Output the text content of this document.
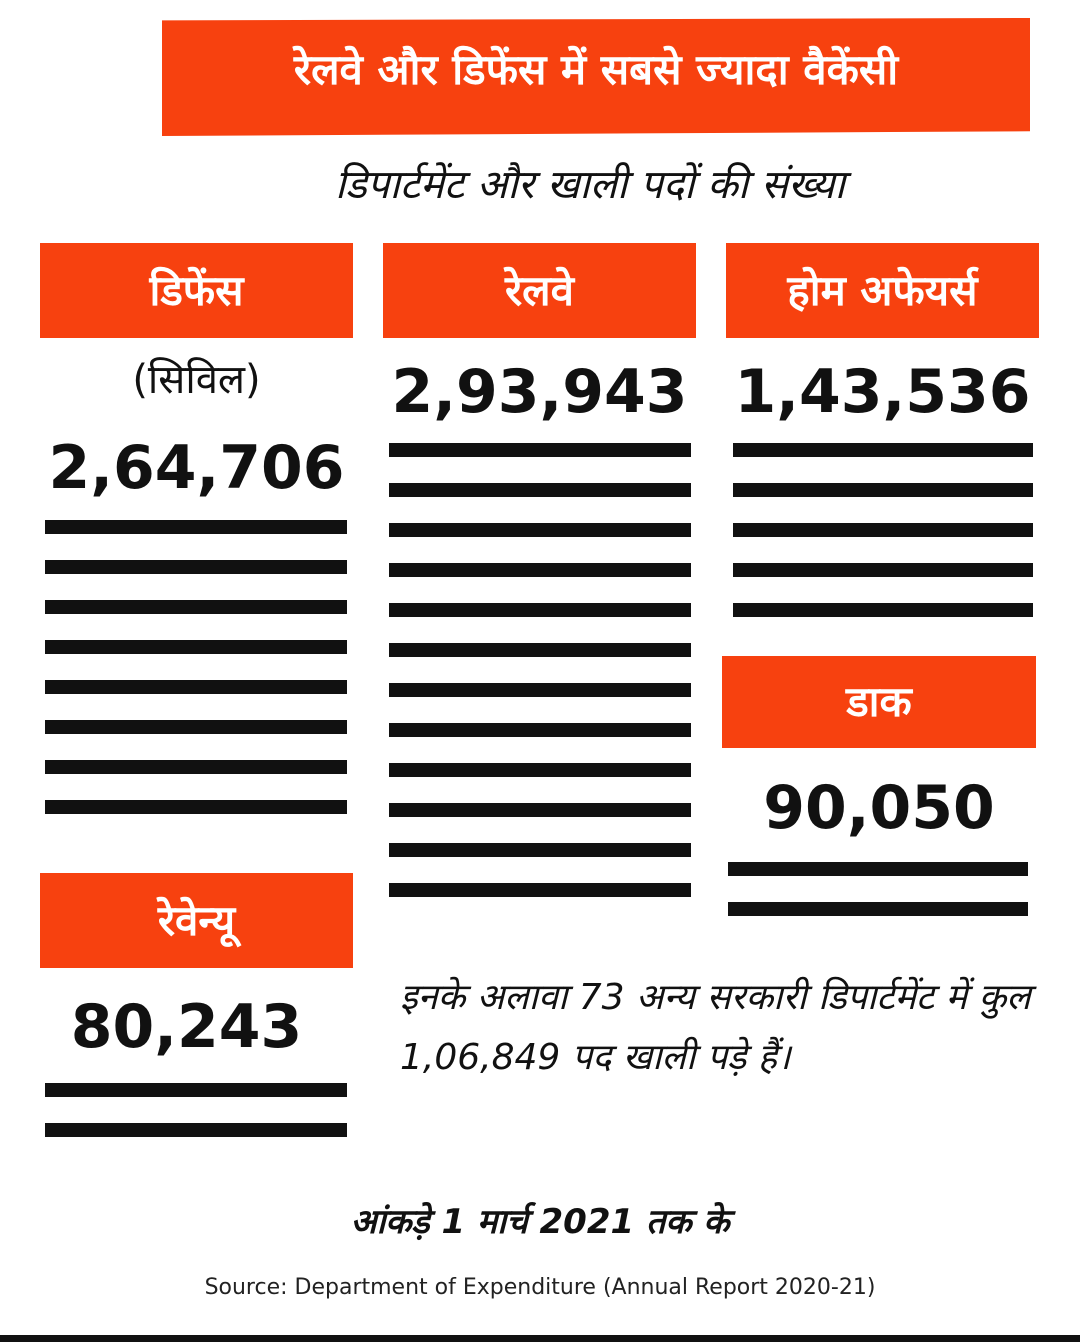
रेलवे और डिफेंस में सबसे ज्यादा वैकेंसी
डिपार्टमेंट और खाली पदों की संख्या
डिफेंस
(सिविल)
2,64,706
रेलवे
2,93,943
होम अफेयर्स
1,43,536
डाक
90,050
रेवेन्यू
80,243	इनके अलावा 73 अन्य सरकारी डिपार्टमेंट में कुल 1,06,849 पद खाली पड़े हैं।
आंकड़े 1 मार्च 2021 तक के
Source: Department of Expenditure (Annual Report 2020-21)
